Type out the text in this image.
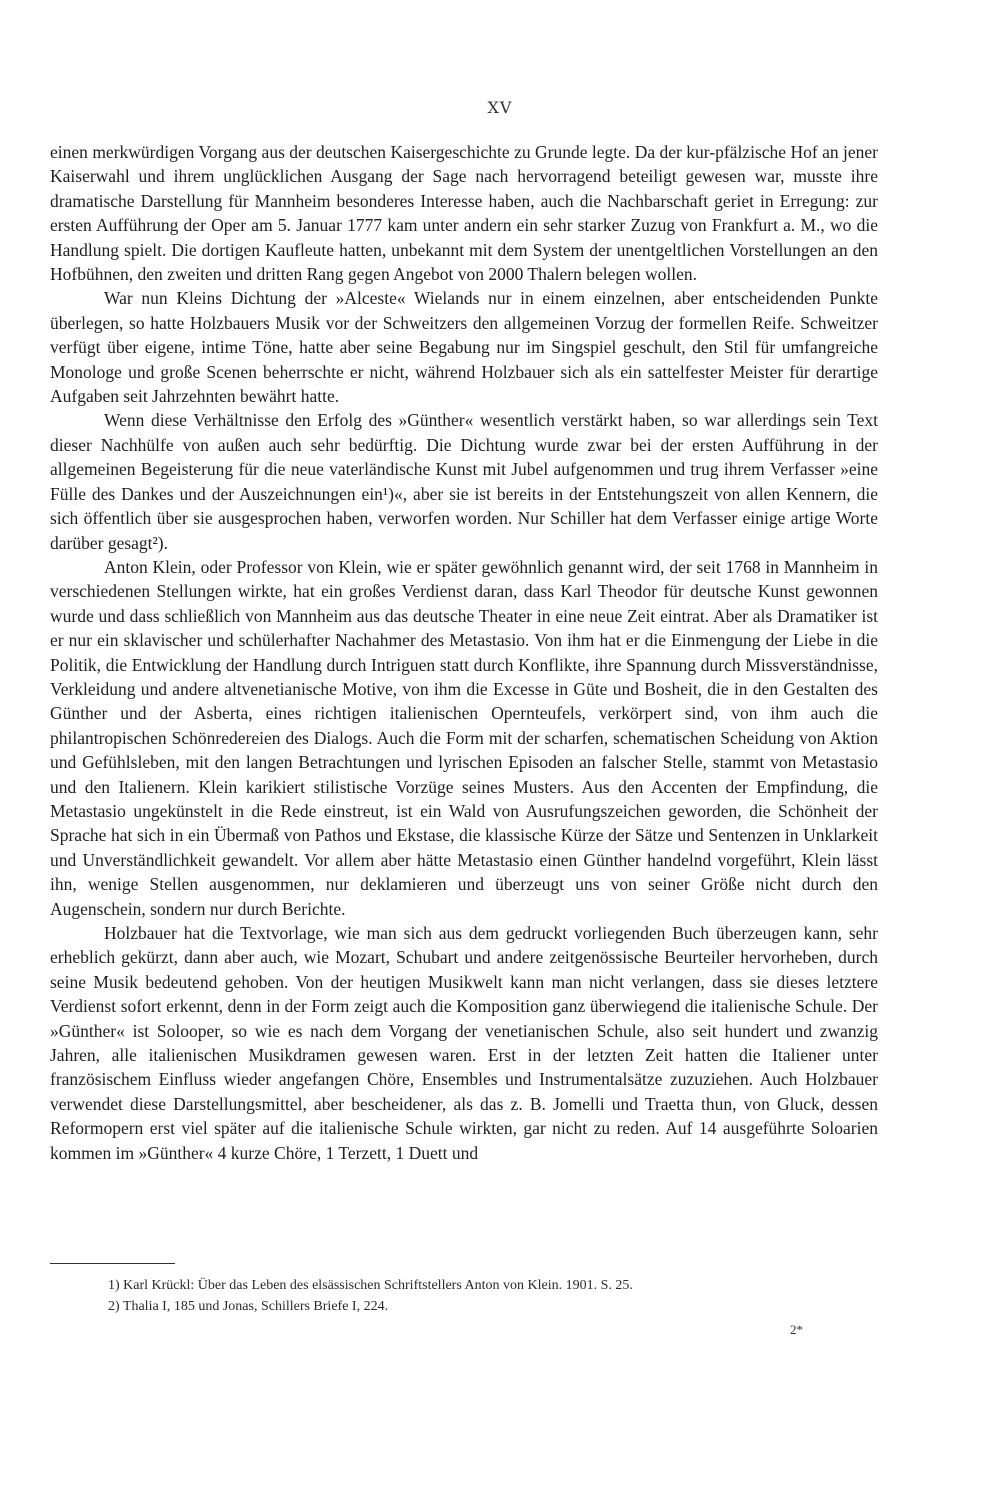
XV

einen merkwürdigen Vorgang aus der deutschen Kaisergeschichte zu Grunde legte. Da der kur-pfälzische Hof an jener Kaiserwahl und ihrem unglücklichen Ausgang der Sage nach hervorragend beteiligt gewesen war, musste ihre dramatische Darstellung für Mannheim besonderes Interesse haben, auch die Nachbarschaft geriet in Erregung: zur ersten Aufführung der Oper am 5. Januar 1777 kam unter andern ein sehr starker Zuzug von Frankfurt a. M., wo die Handlung spielt. Die dortigen Kaufleute hatten, unbekannt mit dem System der unentgeltlichen Vorstellungen an den Hofbühnen, den zweiten und dritten Rang gegen Angebot von 2000 Thalern belegen wollen.

War nun Kleins Dichtung der »Alceste« Wielands nur in einem einzelnen, aber entscheidenden Punkte überlegen, so hatte Holzbauers Musik vor der Schweitzers den allgemeinen Vorzug der formellen Reife. Schweitzer verfügt über eigene, intime Töne, hatte aber seine Begabung nur im Singspiel geschult, den Stil für umfangreiche Monologe und große Scenen beherrschte er nicht, während Holzbauer sich als ein sattelfester Meister für derartige Aufgaben seit Jahrzehnten bewährt hatte.

Wenn diese Verhältnisse den Erfolg des »Günther« wesentlich verstärkt haben, so war allerdings sein Text dieser Nachhülfe von außen auch sehr bedürftig. Die Dichtung wurde zwar bei der ersten Aufführung in der allgemeinen Begeisterung für die neue vaterländische Kunst mit Jubel aufgenommen und trug ihrem Verfasser »eine Fülle des Dankes und der Auszeichnungen ein¹)«, aber sie ist bereits in der Entstehungszeit von allen Kennern, die sich öffentlich über sie ausgesprochen haben, verworfen worden. Nur Schiller hat dem Verfasser einige artige Worte darüber gesagt²).

Anton Klein, oder Professor von Klein, wie er später gewöhnlich genannt wird, der seit 1768 in Mannheim in verschiedenen Stellungen wirkte, hat ein großes Verdienst daran, dass Karl Theodor für deutsche Kunst gewonnen wurde und dass schließlich von Mannheim aus das deutsche Theater in eine neue Zeit eintrat. Aber als Dramatiker ist er nur ein sklavischer und schülerhafter Nachahmer des Metastasio. Von ihm hat er die Einmengung der Liebe in die Politik, die Entwicklung der Handlung durch Intriguen statt durch Konflikte, ihre Spannung durch Missverständnisse, Verkleidung und andere altvenetianische Motive, von ihm die Excesse in Güte und Bosheit, die in den Gestalten des Günther und der Asberta, eines richtigen italienischen Opernteufels, verkörpert sind, von ihm auch die philantropischen Schönredereien des Dialogs. Auch die Form mit der scharfen, schematischen Scheidung von Aktion und Gefühlsleben, mit den langen Betrachtungen und lyrischen Episoden an falscher Stelle, stammt von Metastasio und den Italienern. Klein karikiert stilistische Vorzüge seines Musters. Aus den Accenten der Empfindung, die Metastasio ungekünstelt in die Rede einstreut, ist ein Wald von Ausrufungszeichen geworden, die Schönheit der Sprache hat sich in ein Übermaß von Pathos und Ekstase, die klassische Kürze der Sätze und Sentenzen in Unklarkeit und Unverständlichkeit gewandelt. Vor allem aber hätte Metastasio einen Günther handelnd vorgeführt, Klein lässt ihn, wenige Stellen ausgenommen, nur deklamieren und überzeugt uns von seiner Größe nicht durch den Augenschein, sondern nur durch Berichte.

Holzbauer hat die Textvorlage, wie man sich aus dem gedruckt vorliegenden Buch überzeugen kann, sehr erheblich gekürzt, dann aber auch, wie Mozart, Schubart und andere zeitgenössische Beurteiler hervorheben, durch seine Musik bedeutend gehoben. Von der heutigen Musikwelt kann man nicht verlangen, dass sie dieses letztere Verdienst sofort erkennt, denn in der Form zeigt auch die Komposition ganz überwiegend die italienische Schule. Der »Günther« ist Solooper, so wie es nach dem Vorgang der venetianischen Schule, also seit hundert und zwanzig Jahren, alle italienischen Musikdramen gewesen waren. Erst in der letzten Zeit hatten die Italiener unter französischem Einfluss wieder angefangen Chöre, Ensembles und Instrumentalsätze zuzuziehen. Auch Holzbauer verwendet diese Darstellungsmittel, aber bescheidener, als das z. B. Jomelli und Traetta thun, von Gluck, dessen Reformopern erst viel später auf die italienische Schule wirkten, gar nicht zu reden. Auf 14 ausgeführte Soloarien kommen im »Günther« 4 kurze Chöre, 1 Terzett, 1 Duett und

1) Karl Krückl: Über das Leben des elsässischen Schriftstellers Anton von Klein. 1901. S. 25.
2) Thalia I, 185 und Jonas, Schillers Briefe I, 224.
2*
